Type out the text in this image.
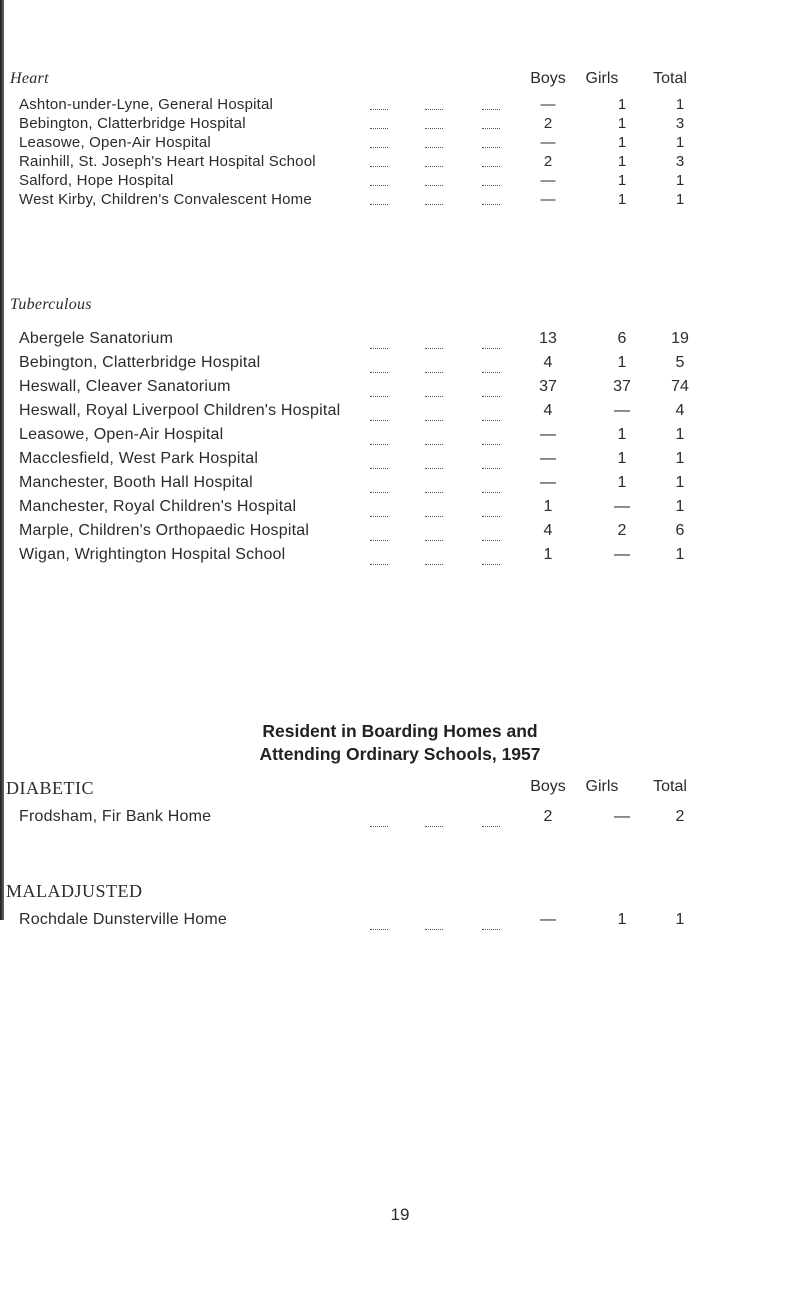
Heart	Boys	Girls	Total
Ashton-under-Lyne, General Hospital	—	1	1
Bebington, Clatterbridge Hospital	2	1	3
Leasowe, Open-Air Hospital	—	1	1
Rainhill, St. Joseph's Heart Hospital School	2	1	3
Salford, Hope Hospital	—	1	1
West Kirby, Children's Convalescent Home	—	1	1
Tuberculous
Abergele Sanatorium	13	6	19
Bebington, Clatterbridge Hospital	4	1	5
Heswall, Cleaver Sanatorium	37	37	74
Heswall, Royal Liverpool Children's Hospital	4	—	4
Leasowe, Open-Air Hospital	—	1	1
Macclesfield, West Park Hospital	—	1	1
Manchester, Booth Hall Hospital	—	1	1
Manchester, Royal Children's Hospital	1	—	1
Marple, Children's Orthopaedic Hospital	4	2	6
Wigan, Wrightington Hospital School	1	—	1
Resident in Boarding Homes and
Attending Ordinary Schools, 1957
DIABETIC	Boys	Girls	Total
Frodsham, Fir Bank Home	2	—	2
MALADJUSTED
Rochdale Dunsterville Home	—	1	1
19
